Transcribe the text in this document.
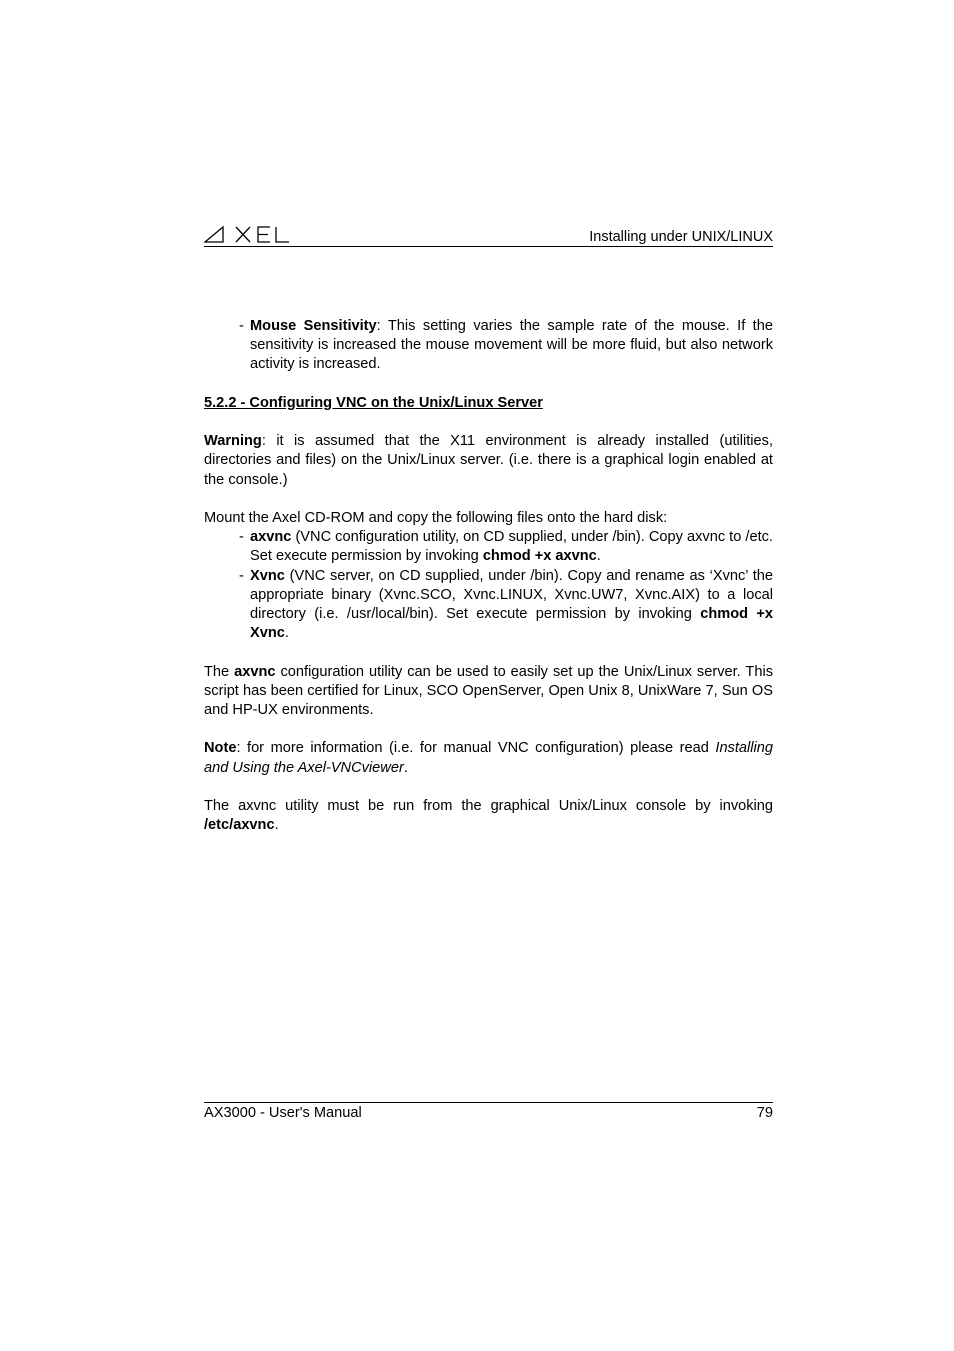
Installing under UNIX/LINUX
- Mouse Sensitivity: This setting varies the sample rate of the mouse. If the sensitivity is increased the mouse movement will be more fluid, but also network activity is increased.

5.2.2 - Configuring VNC on the Unix/Linux Server

Warning: it is assumed that the X11 environment is already installed (utilities, directories and files) on the Unix/Linux server. (i.e. there is a graphical login enabled at the console.)

Mount the Axel CD-ROM and copy the following files onto the hard disk:

- axvnc (VNC configuration utility, on CD supplied, under /bin). Copy axvnc to /etc. Set execute permission by invoking chmod +x axvnc.
- Xvnc (VNC server, on CD supplied, under /bin). Copy and rename as ‘Xvnc’ the appropriate binary (Xvnc.SCO, Xvnc.LINUX, Xvnc.UW7, Xvnc.AIX) to a local directory (i.e. /usr/local/bin). Set execute permission by invoking chmod +x Xvnc.

The axvnc configuration utility can be used to easily set up the Unix/Linux server. This script has been certified for Linux, SCO OpenServer, Open Unix 8, UnixWare 7, Sun OS and HP-UX environments.

Note: for more information (i.e. for manual VNC configuration) please read Installing and Using the Axel-VNCviewer.

The axvnc utility must be run from the graphical Unix/Linux console by invoking /etc/axvnc.

AX3000 - User's Manual	79
